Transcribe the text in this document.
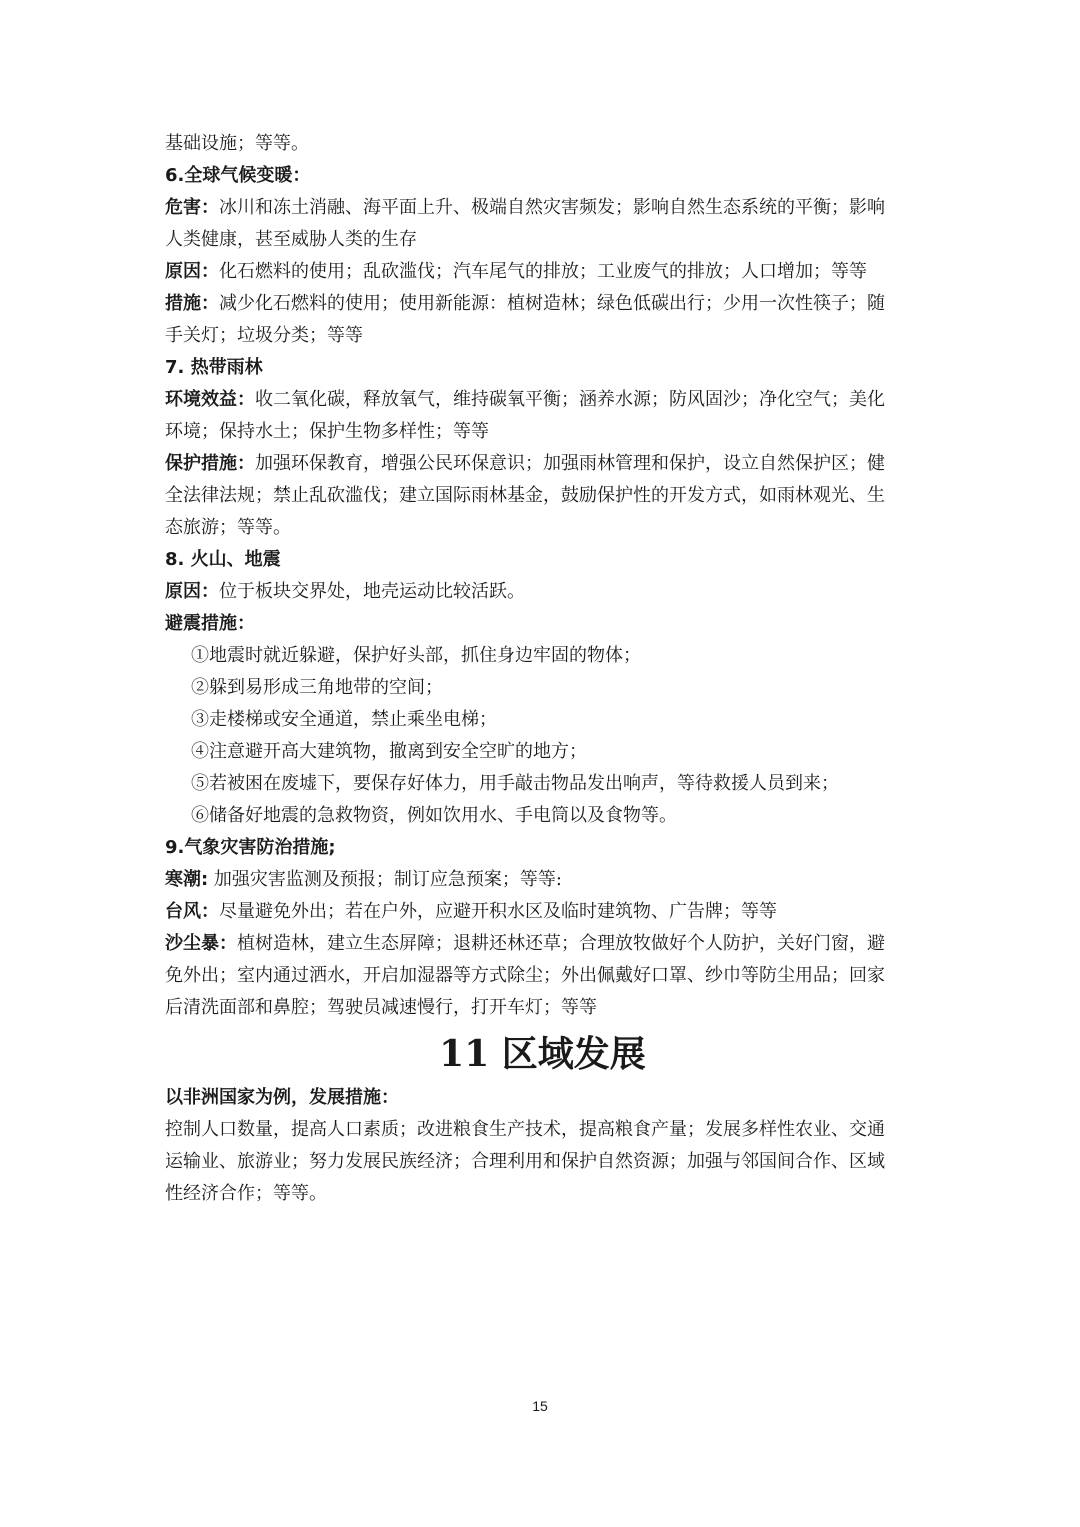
基础设施；等等。
6.全球气候变暖：
危害：冰川和冻土消融、海平面上升、极端自然灾害频发；影响自然生态系统的平衡；影响
人类健康，甚至威胁人类的生存
原因：化石燃料的使用；乱砍滥伐；汽车尾气的排放；工业废气的排放；人口增加；等等
措施：减少化石燃料的使用；使用新能源：植树造林；绿色低碳出行；少用一次性筷子；随
手关灯；垃圾分类；等等
7. 热带雨林
环境效益：收二氧化碳，释放氧气，维持碳氧平衡；涵养水源；防风固沙；净化空气；美化
环境；保持水土；保护生物多样性；等等
保护措施：加强环保教育，增强公民环保意识；加强雨林管理和保护，设立自然保护区；健
全法律法规；禁止乱砍滥伐；建立国际雨林基金，鼓励保护性的开发方式，如雨林观光、生
态旅游；等等。
8. 火山、地震
原因：位于板块交界处，地壳运动比较活跃。
避震措施：
①地震时就近躲避，保护好头部，抓住身边牢固的物体；
②躲到易形成三角地带的空间；
③走楼梯或安全通道，禁止乘坐电梯；
④注意避开高大建筑物，撤离到安全空旷的地方；
⑤若被困在废墟下，要保存好体力，用手敲击物品发出响声，等待救援人员到来；
⑥储备好地震的急救物资，例如饮用水、手电筒以及食物等。
9.气象灾害防治措施;
寒潮: 加强灾害监测及预报；制订应急预案；等等:
台风：尽量避免外出；若在户外，应避开积水区及临时建筑物、广告牌；等等
沙尘暴：植树造林，建立生态屏障；退耕还林还草；合理放牧做好个人防护，关好门窗，避
免外出；室内通过洒水，开启加湿器等方式除尘；外出佩戴好口罩、纱巾等防尘用品；回家
后清洗面部和鼻腔；驾驶员减速慢行，打开车灯；等等
11 区域发展
以非洲国家为例，发展措施：
控制人口数量，提高人口素质；改进粮食生产技术，提高粮食产量；发展多样性农业、交通
运输业、旅游业；努力发展民族经济；合理利用和保护自然资源；加强与邻国间合作、区域
性经济合作；等等。
15
